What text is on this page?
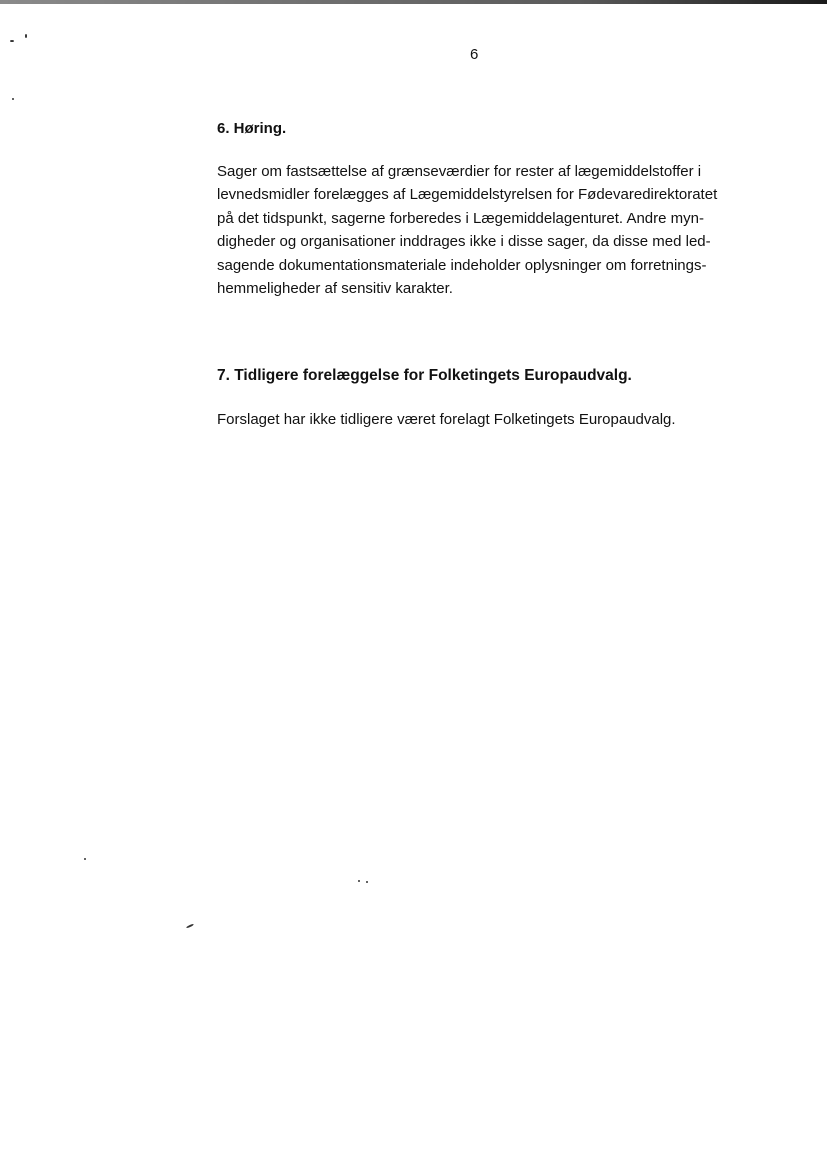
6
6. Høring.

Sager om fastsættelse af grænseværdier for rester af lægemiddelstoffer i
levnedsmidler forelægges af Lægemiddelstyrelsen for Fødevaredirektoratet
på det tidspunkt, sagerne forberedes i Lægemiddelagenturet. Andre myn-
digheder og organisationer inddrages ikke i disse sager, da disse med led-
sagende dokumentationsmateriale indeholder oplysninger om forretnings-
hemmeligheder af sensitiv karakter.

7. Tidligere forelæggelse for Folketingets Europaudvalg.

Forslaget har ikke tidligere været forelagt Folketingets Europaudvalg.
